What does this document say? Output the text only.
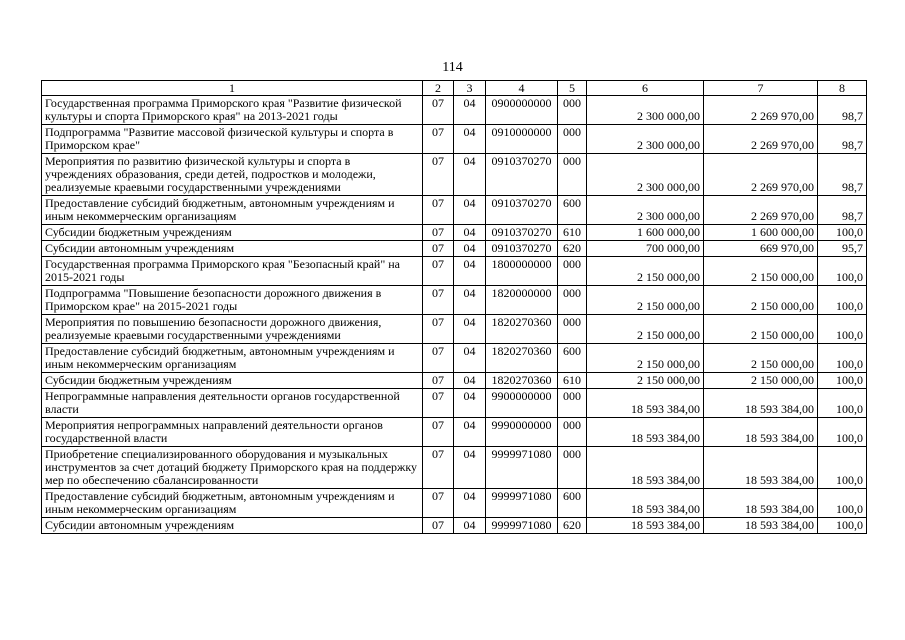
114
1	2	3	4	5	6	7	8
Государственная программа Приморского края "Развитие физической культуры и спорта Приморского края" на 2013-2021 годы	07	04	0900000000	000	2 300 000,00	2 269 970,00	98,7
Подпрограмма "Развитие массовой физической культуры и спорта в Приморском крае"	07	04	0910000000	000	2 300 000,00	2 269 970,00	98,7
Мероприятия по развитию физической культуры и спорта в учреждениях образования, среди детей, подростков и молодежи, реализуемые краевыми государственными учреждениями	07	04	0910370270	000	2 300 000,00	2 269 970,00	98,7
Предоставление субсидий бюджетным, автономным учреждениям и иным некоммерческим организациям	07	04	0910370270	600	2 300 000,00	2 269 970,00	98,7
Субсидии бюджетным учреждениям	07	04	0910370270	610	1 600 000,00	1 600 000,00	100,0
Субсидии автономным учреждениям	07	04	0910370270	620	700 000,00	669 970,00	95,7
Государственная программа Приморского края "Безопасный край" на 2015-2021 годы	07	04	1800000000	000	2 150 000,00	2 150 000,00	100,0
Подпрограмма "Повышение безопасности дорожного движения в Приморском крае" на 2015-2021 годы	07	04	1820000000	000	2 150 000,00	2 150 000,00	100,0
Мероприятия по повышению безопасности дорожного движения, реализуемые краевыми государственными учреждениями	07	04	1820270360	000	2 150 000,00	2 150 000,00	100,0
Предоставление субсидий бюджетным, автономным учреждениям и иным некоммерческим организациям	07	04	1820270360	600	2 150 000,00	2 150 000,00	100,0
Субсидии бюджетным учреждениям	07	04	1820270360	610	2 150 000,00	2 150 000,00	100,0
Непрограммные направления деятельности органов государственной власти	07	04	9900000000	000	18 593 384,00	18 593 384,00	100,0
Мероприятия непрограммных направлений деятельности органов государственной власти	07	04	9990000000	000	18 593 384,00	18 593 384,00	100,0
Приобретение специализированного оборудования и музыкальных инструментов за счет дотаций бюджету Приморского края на поддержку мер по обеспечению сбалансированности	07	04	9999971080	000	18 593 384,00	18 593 384,00	100,0
Предоставление субсидий бюджетным, автономным учреждениям и иным некоммерческим организациям	07	04	9999971080	600	18 593 384,00	18 593 384,00	100,0
Субсидии автономным учреждениям	07	04	9999971080	620	18 593 384,00	18 593 384,00	100,0
